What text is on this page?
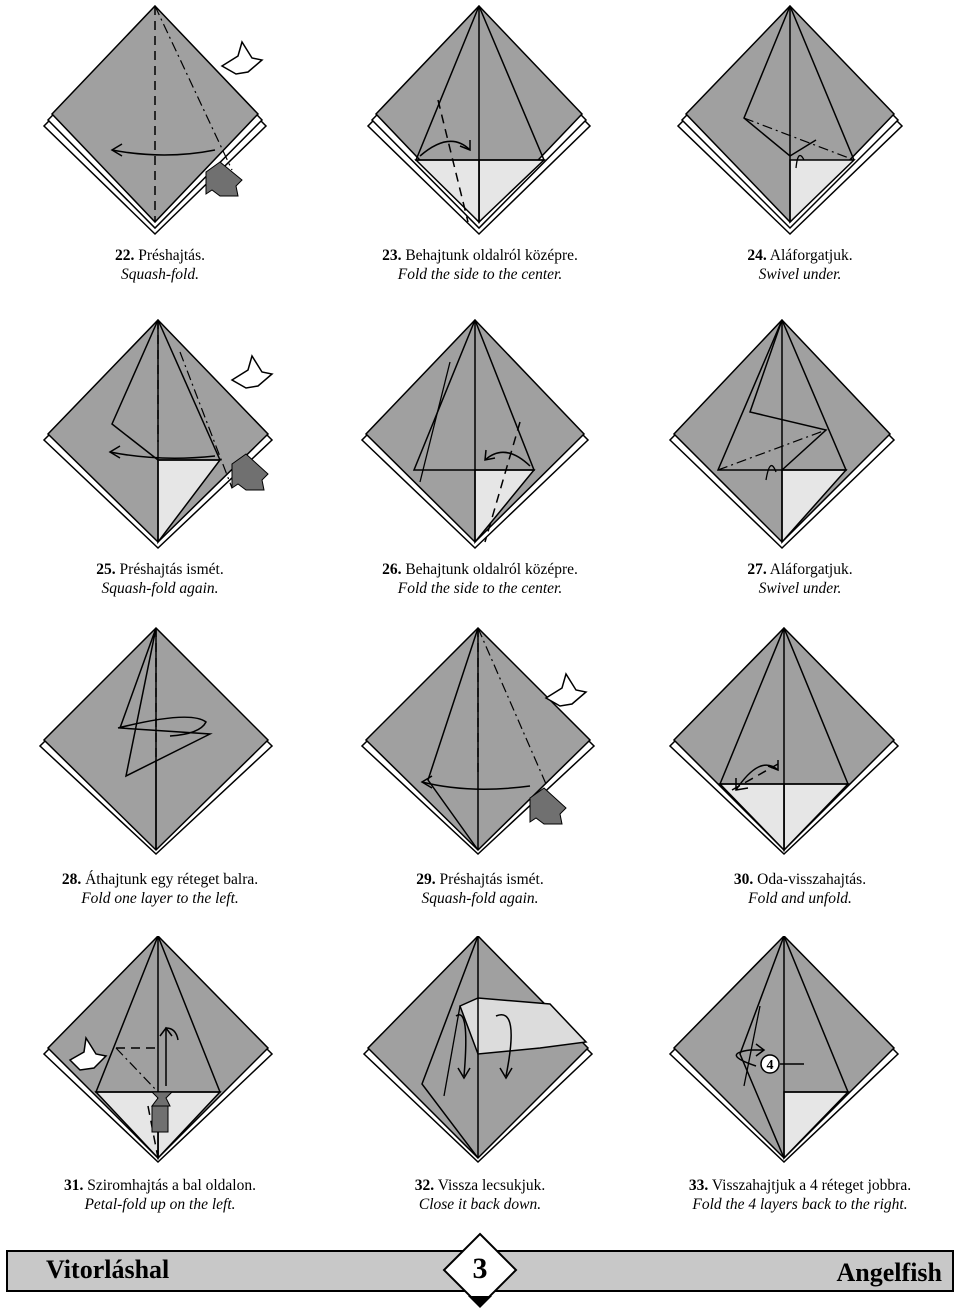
22. Préshajtás.
Squash-fold.
23. Behajtunk oldalról középre.
Fold the side to the center.
24. Aláforgatjuk.
Swivel under.
25. Préshajtás ismét.
Squash-fold again.
26. Behajtunk oldalról középre.
Fold the side to the center.
27. Aláforgatjuk.
Swivel under.
28. Áthajtunk egy réteget balra.
Fold one layer to the left.
29. Préshajtás ismét.
Squash-fold again.
30. Oda-visszahajtás.
Fold and unfold.
31. Sziromhajtás a bal oldalon.
Petal-fold up on the left.
32. Vissza lecsukjuk.
Close it back down.
4
33. Visszahajtjuk a 4 réteget jobbra.
Fold the 4 layers back to the right.
Vitorláshal	Angelfish
3
